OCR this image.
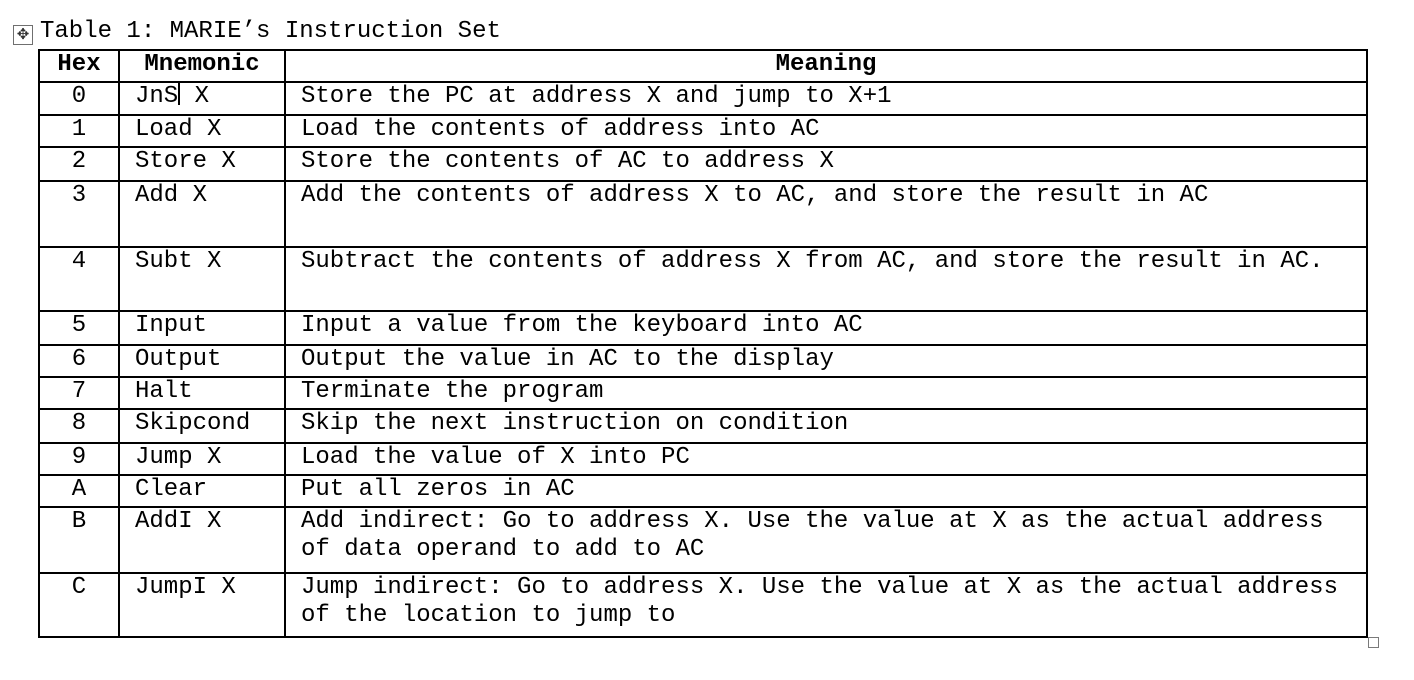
✥ Table 1: MARIE’s Instruction Set
Hex	Mnemonic	Meaning
0	JnS X	Store the PC at address X and jump to X+1
1	Load X	Load the contents of address into AC
2	Store X	Store the contents of AC to address X
3	Add X	Add the contents of address X to AC, and store the result in AC
4	Subt X	Subtract the contents of address X from AC, and store the result in AC.
5	Input	Input a value from the keyboard into AC
6	Output	Output the value in AC to the display
7	Halt	Terminate the program
8	Skipcond	Skip the next instruction on condition
9	Jump X	Load the value of X into PC
A	Clear	Put all zeros in AC
B	AddI X	Add indirect: Go to address X. Use the value at X as the actual address of data operand to add to AC
C	JumpI X	Jump indirect: Go to address X. Use the value at X as the actual address of the location to jump to
